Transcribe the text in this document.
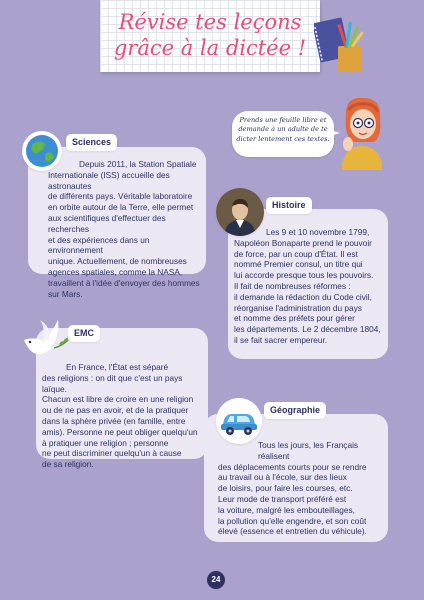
Révise tes leçons
grâce à la dictée !
Prends une feuille libre et demande à un adulte de te dicter lentement ces textes.
Depuis 2011, la Station Spatiale
Internationale (ISS) accueille des astronautes
de différents pays. Véritable laboratoire
en orbite autour de la Terre, elle permet
aux scientifiques d'effectuer des recherches
et des expériences dans un environnement
unique. Actuellement, de nombreuses
agences spatiales, comme la NASA,
travaillent à l'idée d'envoyer des hommes
sur Mars.
Sciences
Les 9 et 10 novembre 1799,
Napoléon Bonaparte prend le pouvoir
de force, par un coup d'État. Il est
nommé Premier consul, un titre qui
lui accorde presque tous les pouvoirs.
Il fait de nombreuses réformes :
il demande la rédaction du Code civil,
réorganise l'administration du pays
et nomme des préfets pour gérer
les départements. Le 2 décembre 1804,
il se fait sacrer empereur.
Histoire
En France, l'État est séparé
des religions : on dit que c'est un pays laïque.
Chacun est libre de croire en une religion
ou de ne pas en avoir, et de la pratiquer
dans la sphère privée (en famille, entre
amis). Personne ne peut obliger quelqu'un
à pratiquer une religion ; personne
ne peut discriminer quelqu'un à cause
de sa religion.
EMC
Tous les jours, les Français réalisent
des déplacements courts pour se rendre
au travail ou à l'école, sur des lieux
de loisirs, pour faire les courses, etc.
Leur mode de transport préféré est
la voiture, malgré les embouteillages,
la pollution qu'elle engendre, et son coût
élevé (essence et entretien du véhicule).
Géographie
24
